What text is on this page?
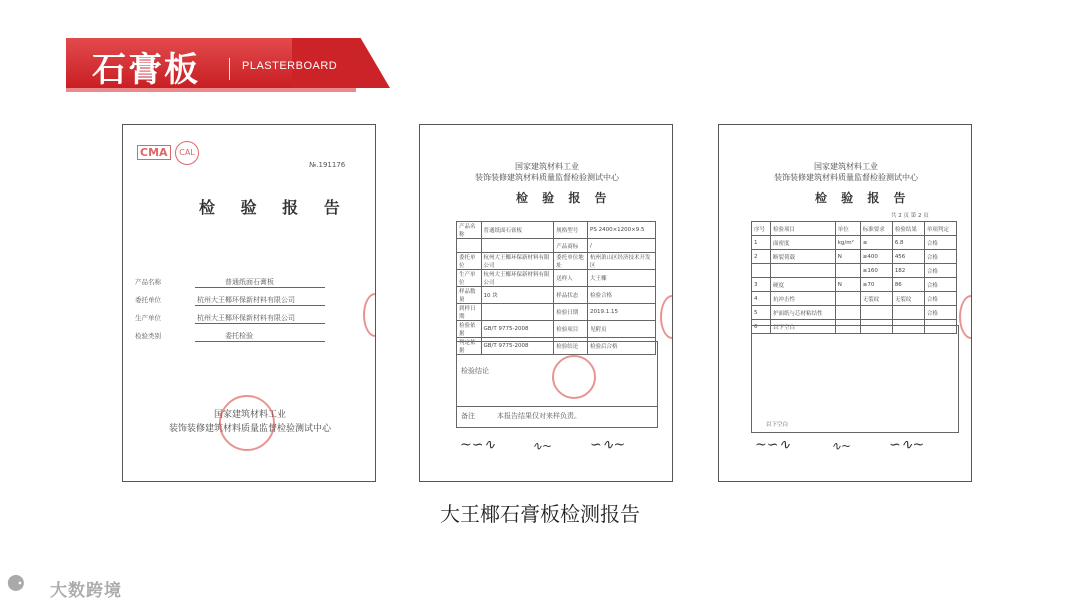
石膏板	PLASTERBOARD
CMA	CAL
№.191176
检 验 报 告
产品名称	普通纸面石膏板
委托单位	杭州大王椰环保新材料有限公司
生产单位	杭州大王椰环保新材料有限公司
检验类别	委托检验
国家建筑材料工业
装饰装修建筑材料质量监督检验测试中心
国家建筑材料工业
装饰装修建筑材料质量监督检验测试中心
检 验 报 告
产品名称	普通纸面石膏板	规格型号	PS 2400×1200×9.5
		产品商标	/
委托单位	杭州大王椰环保新材料有限公司	委托单位地址	杭州萧山区经济技术开发区
生产单位	杭州大王椰环保新材料有限公司	送样人	大王椰
样品数量	10 块	样品状态	检验合格
到样日期		检验日期	2019.1.15
检验依据	GB/T 9775-2008	检验项目	见附页
判定依据	GB/T 9775-2008	检验结论	检验后合格
检验结论
备注	本报告结果仅对来样负责。
~∽∿	∿~	∽∿~
国家建筑材料工业
装饰装修建筑材料质量监督检验测试中心
检 验 报 告
共 2 页 第 2 页
序号	检验项目	单位	标准要求	检验结果	单项判定
1	面密度	kg/m²	≤	6.8	合格
2	断裂荷载	N	≥400	456	合格
			≥160	182	合格
3	硬度	N	≥70	86	合格
4	抗冲击性		无裂纹	无裂纹	合格
5	护面纸与芯材粘结性				合格
6	以下空白				
以下空白
~∽∿	∿~	∽∿~
大王椰石膏板检测报告
⚈ 大数跨境
